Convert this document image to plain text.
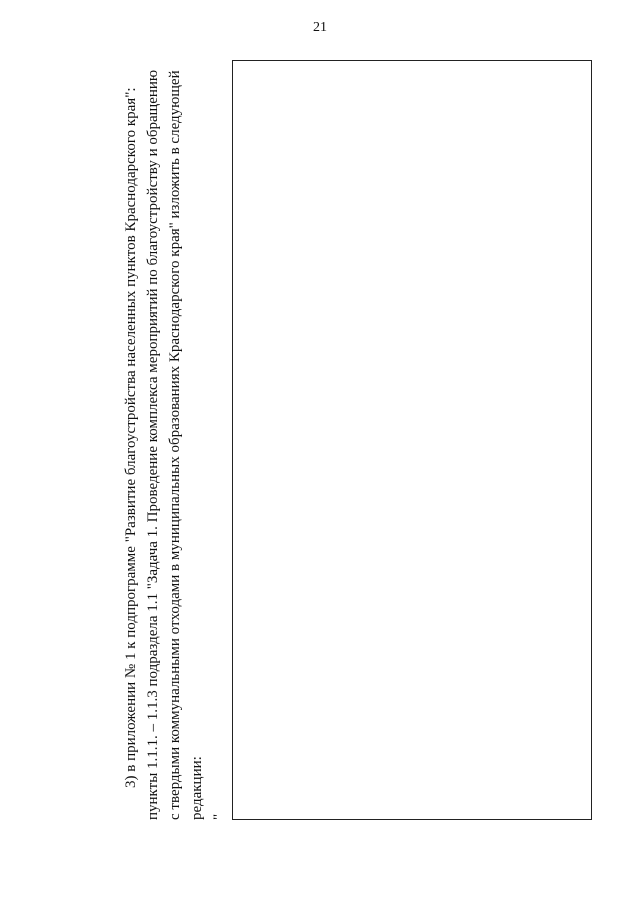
21

3) в приложении № 1 к подпрограмме "Развитие благоустройства населенных пунктов Краснодарского края": пункты 1.1.1. – 1.1.3 подраздела 1.1 "Задача 1. Проведение комплекса мероприятий по благоустройству и обращению с твердыми коммунальными отходами в муниципальных образованиях Краснодарского края" изложить в следующей редакции: "
